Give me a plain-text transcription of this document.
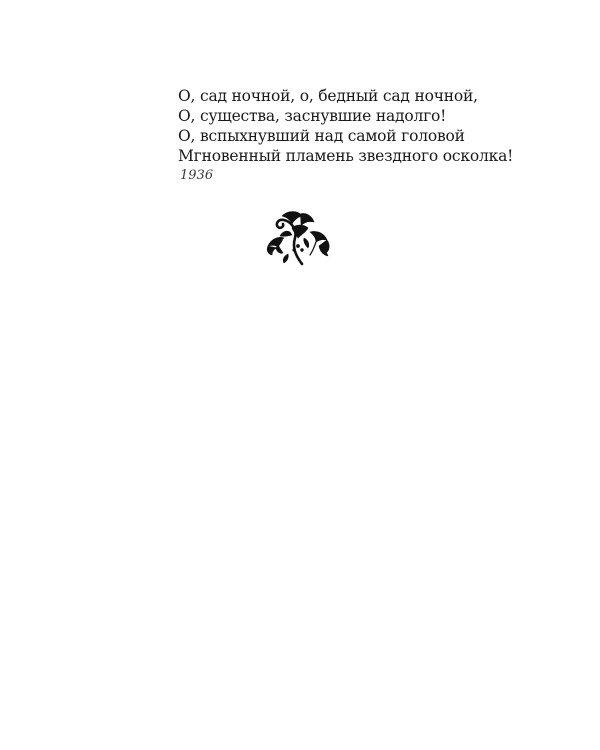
О, сад ночной, о, бедный сад ночной,
О, существа, заснувшие надолго!
О, вспыхнувший над самой головой
Мгновенный пламень звездного осколка!

1936
